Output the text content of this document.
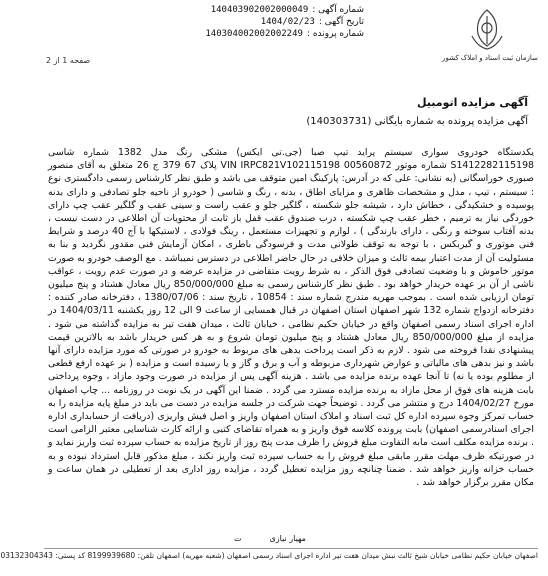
شماره آگهی :
140403902002000049
تاریخ آگهی :
1404/02/23
شماره پرونده :
140304002002002249
صفحه 1 از 2	سازمان ثبت اسناد و املاک کشور
آگهی مزایده اتومبیل
آگهی مزایده پرونده به شماره بایگانی (140303731)
یکدستگاه خودروی سواری سیستم پراید تیپ صبا (جی.تی ایکس) مشکی رنگ مدل 1382 شماره شاسی S1412282115198 شماره موتور 00560872 VIN IRPC821V102115198 پلاک 67 379 ج 26 متعلق به آقای منصور صبوری خوراسگانی (به نشانی: علی که در آدرس: پارکینگ امین متوقف می باشد و طبق نظر کارشناس رسمی دادگستری نوع : سیستم ، تیپ ، مدل و مشخصات ظاهری و مزایای اطاق ، بدنه ، رنگ و شاسی ( خودرو از ناحیه جلو تصادفی و دارای بدنه پوسیده و خشکیدگی ، خطاش دارد ، شیشه جلو شکسته ، گلگیر جلو و عقب راست و سینی عقب و گلگیر عقب چپ دارای خوردگی نیاز به ترمیم ، خطر عقب چپ شکسته ، درب صندوق عقب قفل باز ثابت از محتویات آن اطلاعی در دست نیست ، بدنه آفتاب سوخته و رنگی ، دارای بارندگی ) ، لوازم و تجهیزات مستعمل ، رینگ فولادی ، لاستیکها با آج 40 درصد و شرایط فنی موتوری و گیربکس ، با توجه به توقف طولانی مدت و فرسودگی باطری ، امکان آزمایش فنی مقدور نگردید و بنا به مسئولیت آن از مدت اعتبار بیمه ثالث و میزان خلافی در حال حاضر اطلاعی در دسترس نمیباشد . مع الوصف خودرو به صورت موتور خاموش و با وضعیت تصادفی فوق الذکر ، به شرط رویت متقاضی در مزایده عرضه و در صورت عدم رویت ، عواقب ناشی از آن بر عهده خریدار خواهد بود . طبق نظر کارشناس رسمی به مبلغ 850/000/000 ریال معادل هشتاد و پنج میلیون تومان ارزیابی شده است . بموجب مهریه مندرج شماره سند : 10854 ، تاریخ سند : 1380/07/06 ، دفترخانه صادر کننده : دفترخانه ازدواج شماره 132 شهر اصفهان استان اصفهان در قبال همسایی از ساعت 9 الی 12 روز یکشنبه 1404/03/11 در اداره اجرای اسناد رسمی اصفهان واقع در خیابان حکیم نظامی ، خیابان ثالث ، میدان هفت تیر به مزایده گذاشته می شود . مزایده از مبلغ 850/000/000 ریال معادل هشتاد و پنج میلیون تومان شروع و به هر کس خریدار باشد به بالاترین قیمت پیشنهادی نقدا فروخته می شود . لازم به ذکر است پرداخت بدهی های مربوط به خودرو در صورتی که مورد مزایده دارای آنها باشد و نیز بدهی های مالیاتی و عوارض شهرداری مربوطه و آب و برق و گاز و یا رسیده است و مزایده ( بر عهده ارفع قطعی از مطلوم بوده یا نه) تا آنجا عهده برنده مزایده می باشد . هزینه آگهی پس از مزایده در صورت وجود مازاد ، وجوه پرداختی بابت هزینه های فوق از محل مازاد به برنده مزایده مسترد می گردد . ضمنا این آگهی در یک نوبت در روزنامه ... چاپ اصفهان مورخ 1404/02/27 درج و منتشر می گردد . توضیحاً جهت شرکت در جلسه مزایده در دست می باید در مبلغ پایه مزایده را به حساب تمرکز وجوه سپرده اداره کل ثبت اسناد و املاک استان اصفهان واریز و اصل فیش واریزی (دریافت از حسابداری اداره اجرای اسنادرسمی اصفهان) بابت پرونده کلاسه فوق واریز و به همراه تقاضای کتبی و ارائه کارت شناسایی معتبر الزامی است . برنده مزایده مکلف است مابه التفاوت مبلغ فروش را ظرف مدت پنج روز از تاریخ مزایده به حساب سپرده ثبت واریز نماید و در صورتیکه ظرف مهلت مقرر مابقی مبلغ فروش را به حساب سپرده ثبت واریز نکند ، مبلغ مذکور قابل استرداد نبوده و به حساب خزانه واریز خواهد شد . ضمنا چنانچه روز مزایده تعطیل گردد ، مزایده روز اداری بعد از تعطیلی در همان ساعت و مکان مقرر برگزار خواهد شد .
مهیار نیازی
ت
اصفهان خیابان حکیم نظامی خیابان شیخ ثالث نبش میدان هفت تیر اداره اجرای اسناد رسمی اصفهان (شعبه مهریه) اصفهان تلفن: 8199939680 کد پستی: 03132304343
